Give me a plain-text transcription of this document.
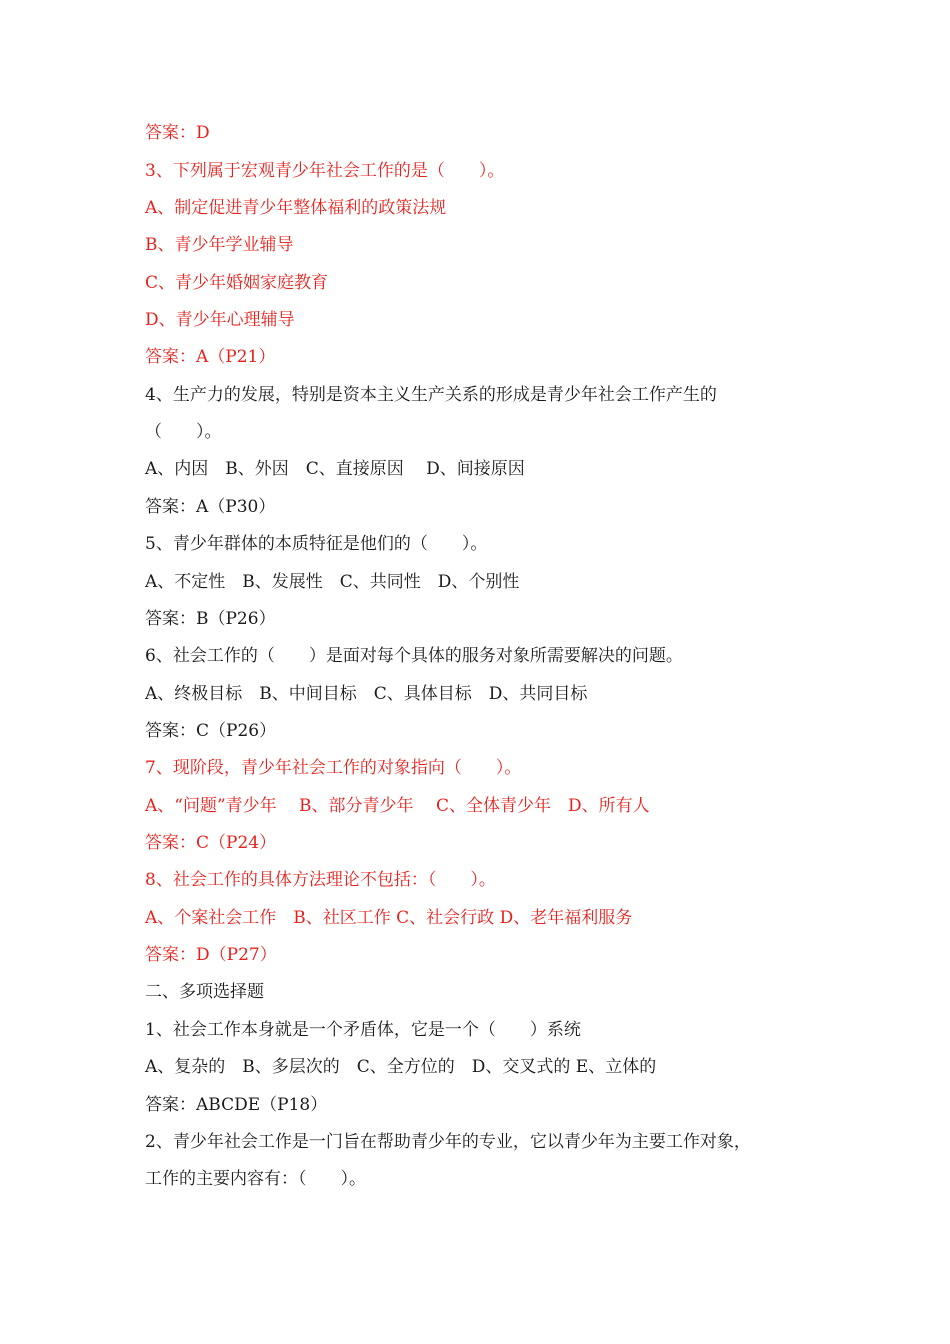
答案：D
3、下列属于宏观青少年社会工作的是（　　）。
A、制定促进青少年整体福利的政策法规
B、青少年学业辅导
C、青少年婚姻家庭教育
D、青少年心理辅导
答案：A（P21）
4、生产力的发展，特别是资本主义生产关系的形成是青少年社会工作产生的
（　　）。
A、内因　B、外因　C、直接原因　 D、间接原因
答案：A（P30）
5、青少年群体的本质特征是他们的（　　）。
A、不定性　B、发展性　C、共同性　D、个别性
答案：B（P26）
6、社会工作的（　　）是面对每个具体的服务对象所需要解决的问题。
A、终极目标　B、中间目标　C、具体目标　D、共同目标
答案：C（P26）
7、现阶段，青少年社会工作的对象指向（　　）。
A、“问题”青少年　 B、部分青少年　 C、全体青少年　D、所有人
答案：C（P24）
8、社会工作的具体方法理论不包括：（　　）。
A、个案社会工作　B、社区工作 C、社会行政 D、老年福利服务
答案：D（P27）
二、多项选择题
1、社会工作本身就是一个矛盾体，它是一个（　　）系统
A、复杂的　B、多层次的　C、全方位的　D、交叉式的 E、立体的
答案：ABCDE（P18）
2、青少年社会工作是一门旨在帮助青少年的专业，它以青少年为主要工作对象，
工作的主要内容有：（　　）。
